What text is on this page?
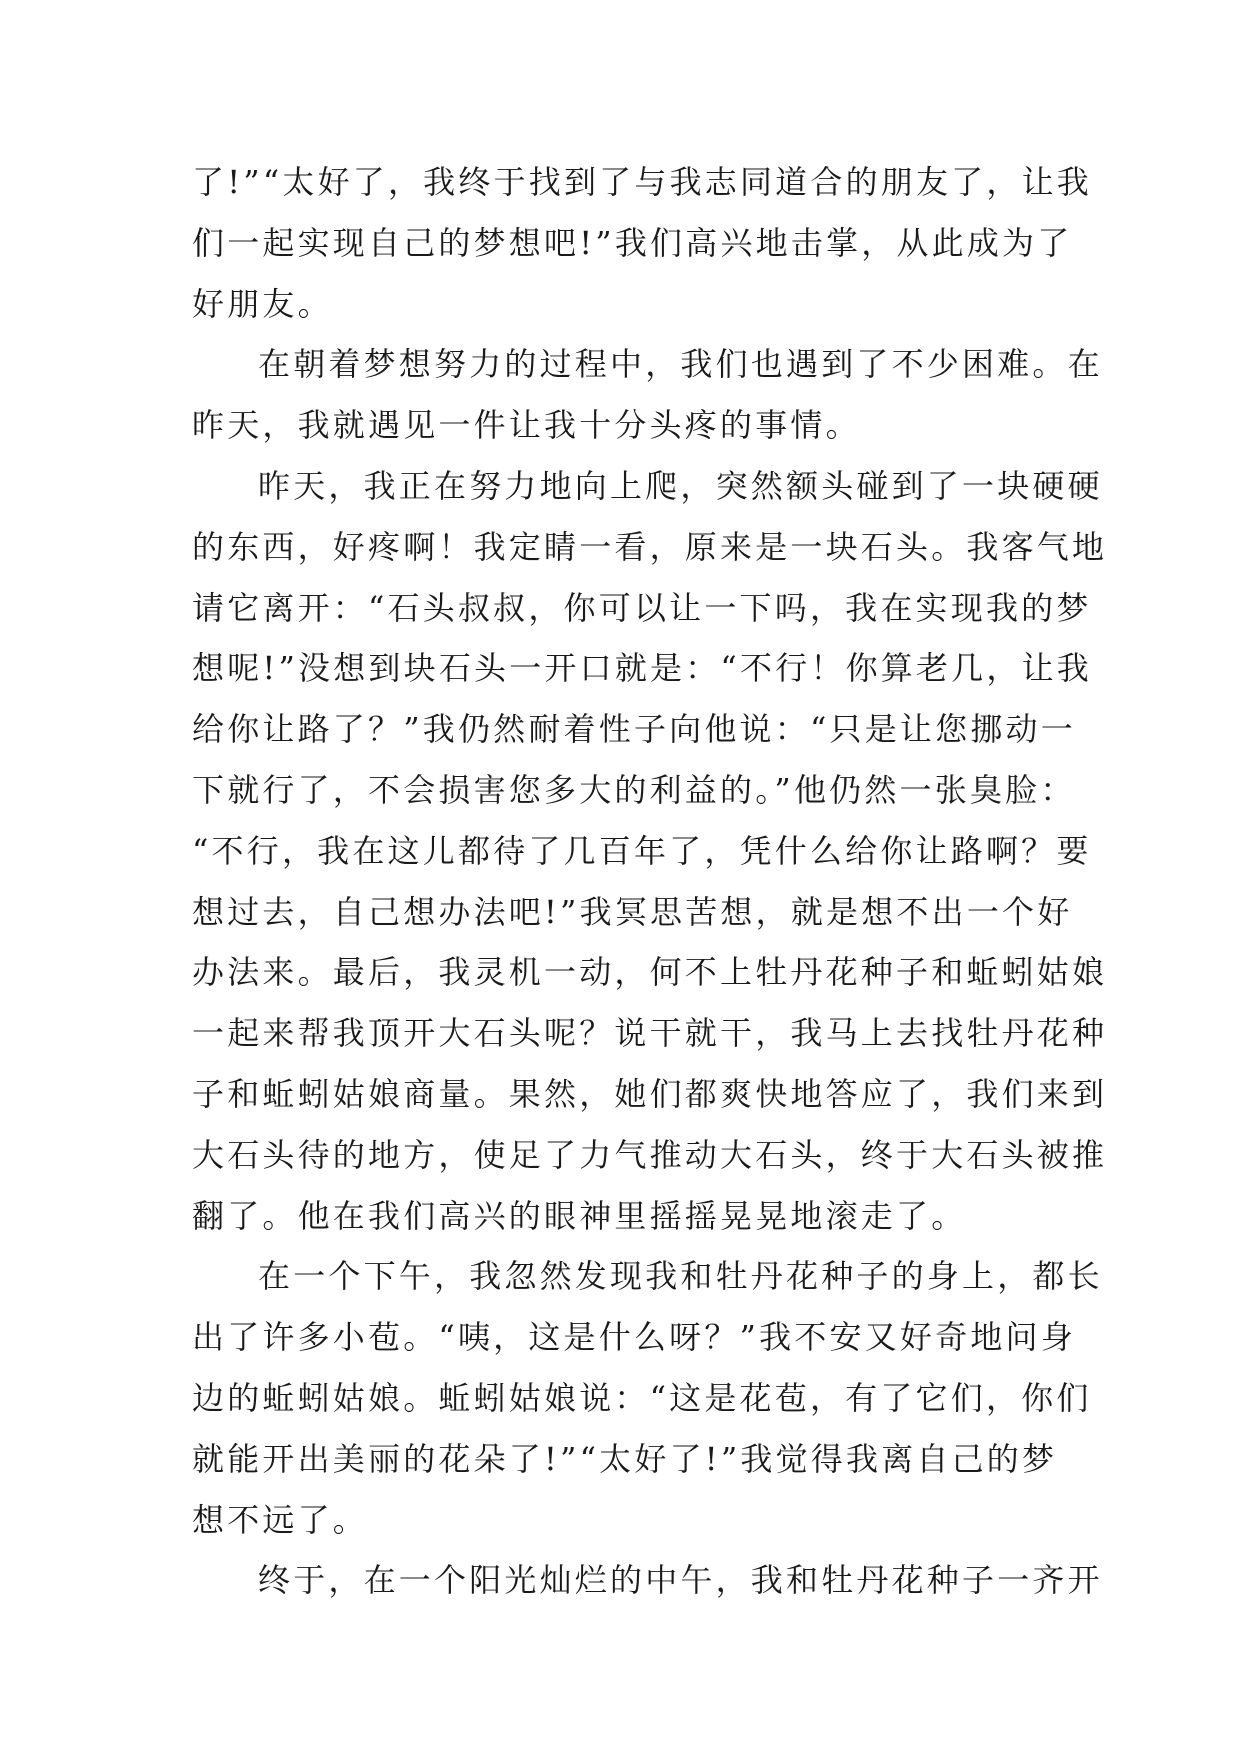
了!”“太好了，我终于找到了与我志同道合的朋友了，让我
们一起实现自己的梦想吧!”我们高兴地击掌，从此成为了
好朋友。
在朝着梦想努力的过程中，我们也遇到了不少困难。在
昨天，我就遇见一件让我十分头疼的事情。
昨天，我正在努力地向上爬，突然额头碰到了一块硬硬
的东西，好疼啊！我定睛一看，原来是一块石头。我客气地
请它离开：“石头叔叔，你可以让一下吗，我在实现我的梦
想呢!”没想到块石头一开口就是：“不行！你算老几，让我
给你让路了？”我仍然耐着性子向他说：“只是让您挪动一
下就行了，不会损害您多大的利益的。”他仍然一张臭脸：
“不行，我在这儿都待了几百年了，凭什么给你让路啊？要
想过去，自己想办法吧!”我冥思苦想，就是想不出一个好
办法来。最后，我灵机一动，何不上牡丹花种子和蚯蚓姑娘
一起来帮我顶开大石头呢？说干就干，我马上去找牡丹花种
子和蚯蚓姑娘商量。果然，她们都爽快地答应了，我们来到
大石头待的地方，使足了力气推动大石头，终于大石头被推
翻了。他在我们高兴的眼神里摇摇晃晃地滚走了。
在一个下午，我忽然发现我和牡丹花种子的身上，都长
出了许多小苞。“咦，这是什么呀？”我不安又好奇地问身
边的蚯蚓姑娘。蚯蚓姑娘说：“这是花苞，有了它们，你们
就能开出美丽的花朵了!”“太好了!”我觉得我离自己的梦
想不远了。
终于，在一个阳光灿烂的中午，我和牡丹花种子一齐开
